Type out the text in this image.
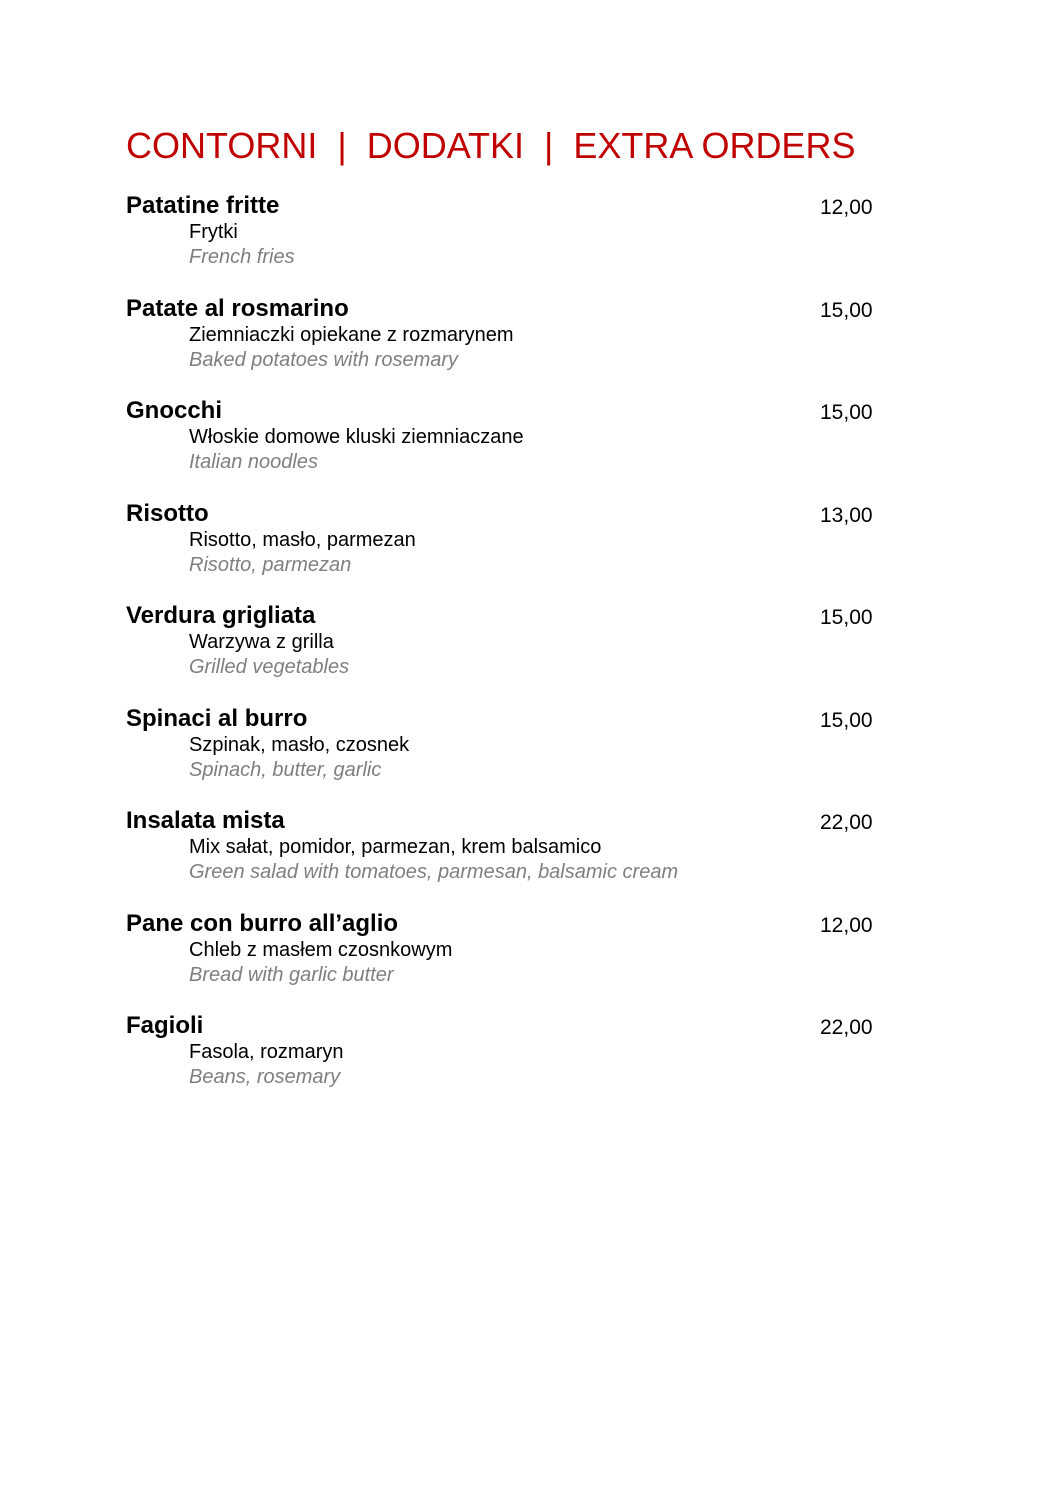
CONTORNI  |  DODATKI  |  EXTRA ORDERS
Patatine fritte	12,00
Frytki
French fries
Patate al rosmarino	15,00
Ziemniaczki opiekane z rozmarynem
Baked potatoes with rosemary
Gnocchi	15,00
Włoskie domowe kluski ziemniaczane
Italian noodles
Risotto	13,00
Risotto, masło, parmezan
Risotto, parmezan
Verdura grigliata	15,00
Warzywa z grilla
Grilled vegetables
Spinaci al burro	15,00
Szpinak, masło, czosnek
Spinach, butter, garlic
Insalata mista	22,00
Mix sałat, pomidor, parmezan, krem balsamico
Green salad with tomatoes, parmesan, balsamic cream
Pane con burro all’aglio	12,00
Chleb z masłem czosnkowym
Bread with garlic butter
Fagioli	22,00
Fasola, rozmaryn
Beans, rosemary
